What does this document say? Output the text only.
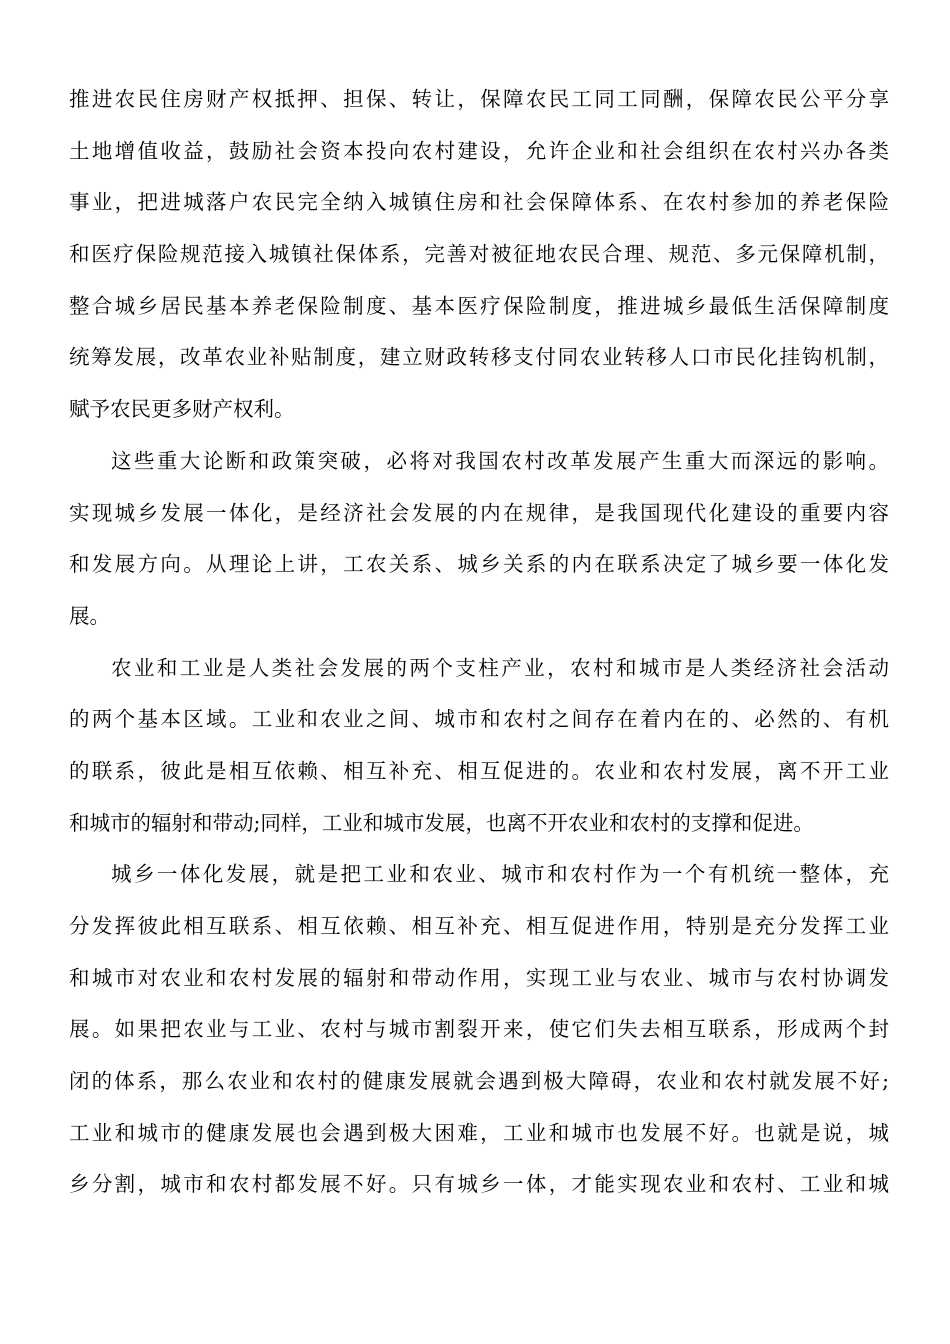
推进农民住房财产权抵押、担保、转让，保障农民工同工同酬，保障农民公平分享
土地增值收益，鼓励社会资本投向农村建设，允许企业和社会组织在农村兴办各类
事业，把进城落户农民完全纳入城镇住房和社会保障体系、在农村参加的养老保险
和医疗保险规范接入城镇社保体系，完善对被征地农民合理、规范、多元保障机制，
整合城乡居民基本养老保险制度、基本医疗保险制度，推进城乡最低生活保障制度
统筹发展，改革农业补贴制度，建立财政转移支付同农业转移人口市民化挂钩机制，
赋予农民更多财产权利。
这些重大论断和政策突破，必将对我国农村改革发展产生重大而深远的影响。
实现城乡发展一体化，是经济社会发展的内在规律，是我国现代化建设的重要内容
和发展方向。从理论上讲，工农关系、城乡关系的内在联系决定了城乡要一体化发
展。
农业和工业是人类社会发展的两个支柱产业，农村和城市是人类经济社会活动
的两个基本区域。工业和农业之间、城市和农村之间存在着内在的、必然的、有机
的联系，彼此是相互依赖、相互补充、相互促进的。农业和农村发展，离不开工业
和城市的辐射和带动;同样，工业和城市发展，也离不开农业和农村的支撑和促进。
城乡一体化发展，就是把工业和农业、城市和农村作为一个有机统一整体，充
分发挥彼此相互联系、相互依赖、相互补充、相互促进作用，特别是充分发挥工业
和城市对农业和农村发展的辐射和带动作用，实现工业与农业、城市与农村协调发
展。如果把农业与工业、农村与城市割裂开来，使它们失去相互联系，形成两个封
闭的体系，那么农业和农村的健康发展就会遇到极大障碍，农业和农村就发展不好;
工业和城市的健康发展也会遇到极大困难，工业和城市也发展不好。也就是说，城
乡分割，城市和农村都发展不好。只有城乡一体，才能实现农业和农村、工业和城
